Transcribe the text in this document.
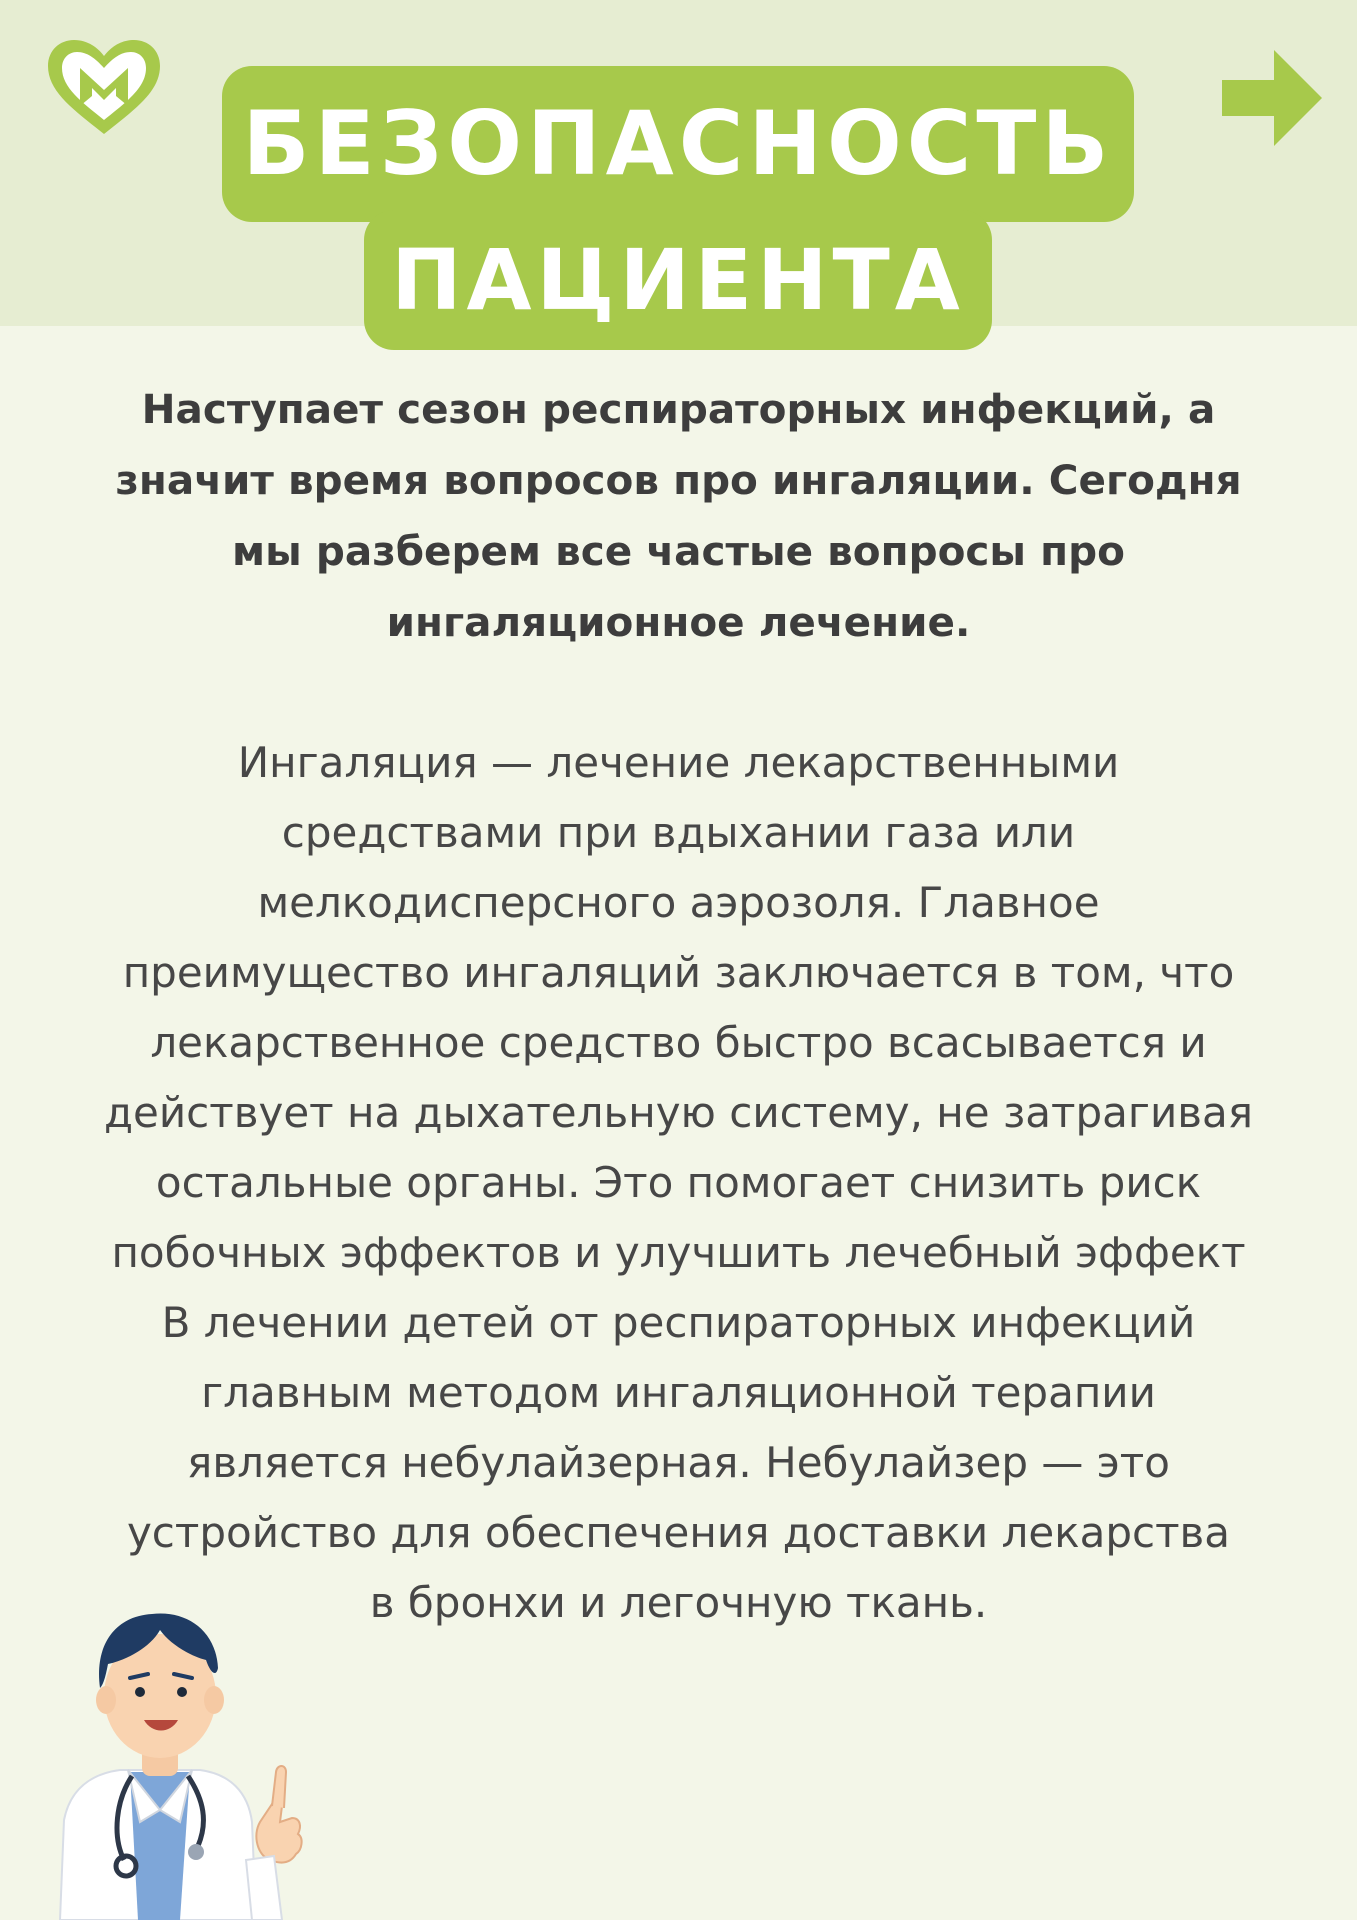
БЕЗОПАСНОСТЬ
ПАЦИЕНТА

Наступает сезон респираторных инфекций, а
значит время вопросов про ингаляции. Сегодня
мы разберем все частые вопросы про
ингаляционное лечение.

Ингаляция — лечение лекарственными
средствами при вдыхании газа или
мелкодисперсного аэрозоля. Главное
преимущество ингаляций заключается в том, что
лекарственное средство быстро всасывается и
действует на дыхательную систему, не затрагивая
остальные органы. Это помогает снизить риск
побочных эффектов и улучшить лечебный эффект
В лечении детей от респираторных инфекций
главным методом ингаляционной терапии
является небулайзерная. Небулайзер — это
устройство для обеспечения доставки лекарства
в бронхи и легочную ткань.
